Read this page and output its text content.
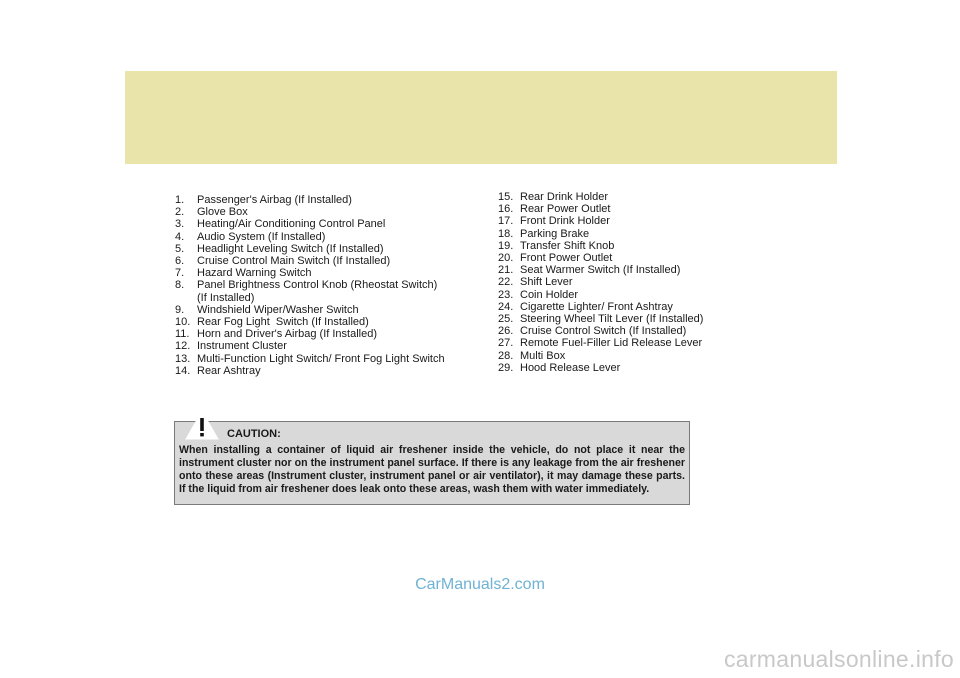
1.	Passenger's Airbag (If Installed)
2.	Glove Box
3.	Heating/Air Conditioning Control Panel
4.	Audio System (If Installed)
5.	Headlight Leveling Switch (If Installed)
6.	Cruise Control Main Switch (If Installed)
7.	Hazard Warning Switch
8.	Panel Brightness Control Knob (Rheostat Switch)
(If Installed)
9.	Windshield Wiper/Washer Switch
10. Rear Fog Light  Switch (If Installed)
11. Horn and Driver's Airbag (If Installed)
12. Instrument Cluster
13. Multi-Function Light Switch/ Front Fog Light Switch
14. Rear Ashtray
15. Rear Drink Holder
16. Rear Power Outlet
17. Front Drink Holder
18. Parking Brake
19. Transfer Shift Knob
20. Front Power Outlet
21. Seat Warmer Switch (If Installed)
22. Shift Lever
23. Coin Holder
24. Cigarette Lighter/ Front Ashtray
25. Steering Wheel Tilt Lever (If Installed)
26. Cruise Control Switch (If Installed)
27. Remote Fuel-Filler Lid Release Lever
28. Multi Box
29. Hood Release Lever
CAUTION:

When installing a container of liquid air freshener inside the vehicle, do not place it near the instrument cluster nor on the instrument panel surface. If there is any leakage from the air freshener onto these areas (Instrument cluster, instrument panel or air ventilator), it may damage these parts. If the liquid from air freshener does leak onto these areas, wash them with water immediately.

CarManuals2.com
carmanualsonline.info
